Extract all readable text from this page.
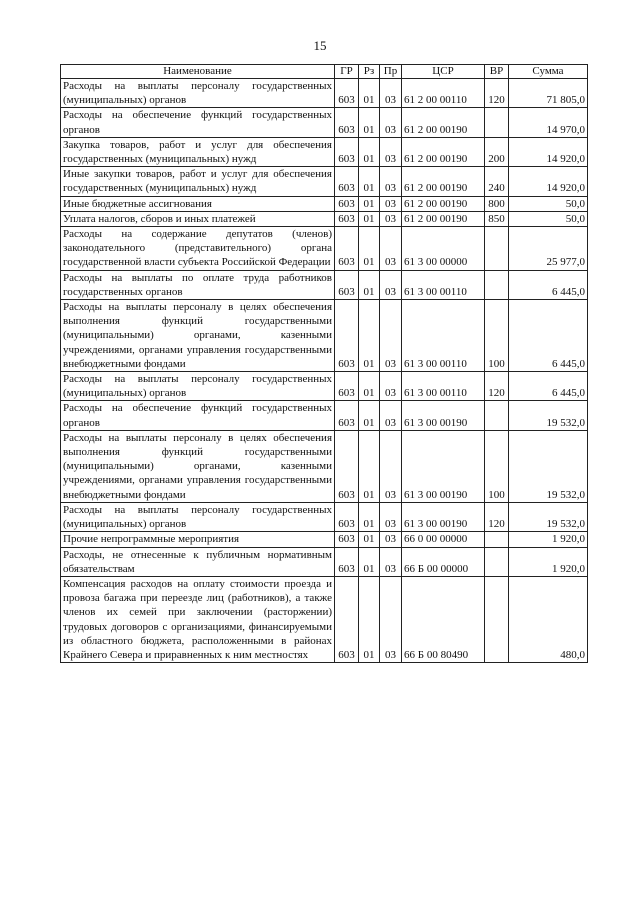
15
Наименование	ГР	Рз	Пр	ЦСР	ВР	Сумма
Расходы на выплаты персоналу государственных (муниципальных) органов	603	01	03	61 2 00 00110	120	71 805,0
Расходы на обеспечение функций государственных органов	603	01	03	61 2 00 00190		14 970,0
Закупка товаров, работ и услуг для обеспечения государственных (муниципальных) нужд	603	01	03	61 2 00 00190	200	14 920,0
Иные закупки товаров, работ и услуг для обеспечения государственных (муниципальных) нужд	603	01	03	61 2 00 00190	240	14 920,0
Иные бюджетные ассигнования	603	01	03	61 2 00 00190	800	50,0
Уплата налогов, сборов и иных платежей	603	01	03	61 2 00 00190	850	50,0
Расходы на содержание депутатов (членов) законодательного (представительного) органа государственной власти субъекта Российской Федерации	603	01	03	61 3 00 00000		25 977,0
Расходы на выплаты по оплате труда работников государственных органов	603	01	03	61 3 00 00110		6 445,0
Расходы на выплаты персоналу в целях обеспечения выполнения функций государственными (муниципальными) органами, казенными учреждениями, органами управления государственными внебюджетными фондами	603	01	03	61 3 00 00110	100	6 445,0
Расходы на выплаты персоналу государственных (муниципальных) органов	603	01	03	61 3 00 00110	120	6 445,0
Расходы на обеспечение функций государственных органов	603	01	03	61 3 00 00190		19 532,0
Расходы на выплаты персоналу в целях обеспечения выполнения функций государственными (муниципальными) органами, казенными учреждениями, органами управления государственными внебюджетными фондами	603	01	03	61 3 00 00190	100	19 532,0
Расходы на выплаты персоналу государственных (муниципальных) органов	603	01	03	61 3 00 00190	120	19 532,0
Прочие непрограммные мероприятия	603	01	03	66 0 00 00000		1 920,0
Расходы, не отнесенные к публичным нормативным обязательствам	603	01	03	66 Б 00 00000		1 920,0
Компенсация расходов на оплату стоимости проезда и провоза багажа при переезде лиц (работников), а также членов их семей при заключении (расторжении) трудовых договоров с организациями, финансируемыми из областного бюджета, расположенными в районах Крайнего Севера и приравненных к ним местностях	603	01	03	66 Б 00 80490		480,0
